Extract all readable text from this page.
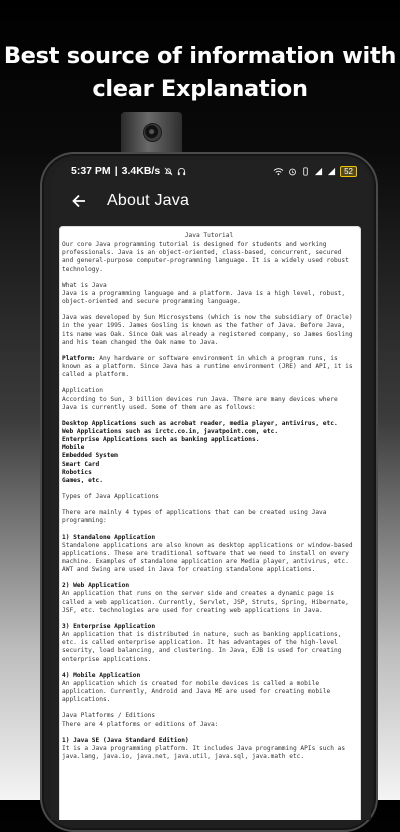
Best source of information with
clear Explanation
5:37 PM | 3.4KB/s	52
About Java

Java Tutorial

Our core Java programming tutorial is designed for students and working professionals. Java is an object-oriented, class-based, concurrent, secured and general-purpose computer-programming language. It is a widely used robust technology.

What is Java
Java is a programming language and a platform. Java is a high level, robust, object-oriented and secure programming language.

Java was developed by Sun Microsystems (which is now the subsidiary of Oracle) in the year 1995. James Gosling is known as the father of Java. Before Java, its name was Oak. Since Oak was already a registered company, so James Gosling and his team changed the Oak name to Java.

Platform: Any hardware or software environment in which a program runs, is known as a platform. Since Java has a runtime environment (JRE) and API, it is called a platform.

Application
According to Sun, 3 billion devices run Java. There are many devices where Java is currently used. Some of them are as follows:

Desktop Applications such as acrobat reader, media player, antivirus, etc.
Web Applications such as irctc.co.in, javatpoint.com, etc.
Enterprise Applications such as banking applications.
Mobile
Embedded System
Smart Card
Robotics
Games, etc.

Types of Java Applications

There are mainly 4 types of applications that can be created using Java programming:

1) Standalone Application
Standalone applications are also known as desktop applications or window-based applications. These are traditional software that we need to install on every machine. Examples of standalone application are Media player, antivirus, etc. AWT and Swing are used in Java for creating standalone applications.

2) Web Application
An application that runs on the server side and creates a dynamic page is called a web application. Currently, Servlet, JSP, Struts, Spring, Hibernate, JSF, etc. technologies are used for creating web applications in Java.

3) Enterprise Application
An application that is distributed in nature, such as banking applications, etc. is called enterprise application. It has advantages of the high-level security, load balancing, and clustering. In Java, EJB is used for creating enterprise applications.

4) Mobile Application
An application which is created for mobile devices is called a mobile application. Currently, Android and Java ME are used for creating mobile applications.

Java Platforms / Editions
There are 4 platforms or editions of Java:

1) Java SE (Java Standard Edition)
It is a Java programming platform. It includes Java programming APIs such as java.lang, java.io, java.net, java.util, java.sql, java.math etc.
